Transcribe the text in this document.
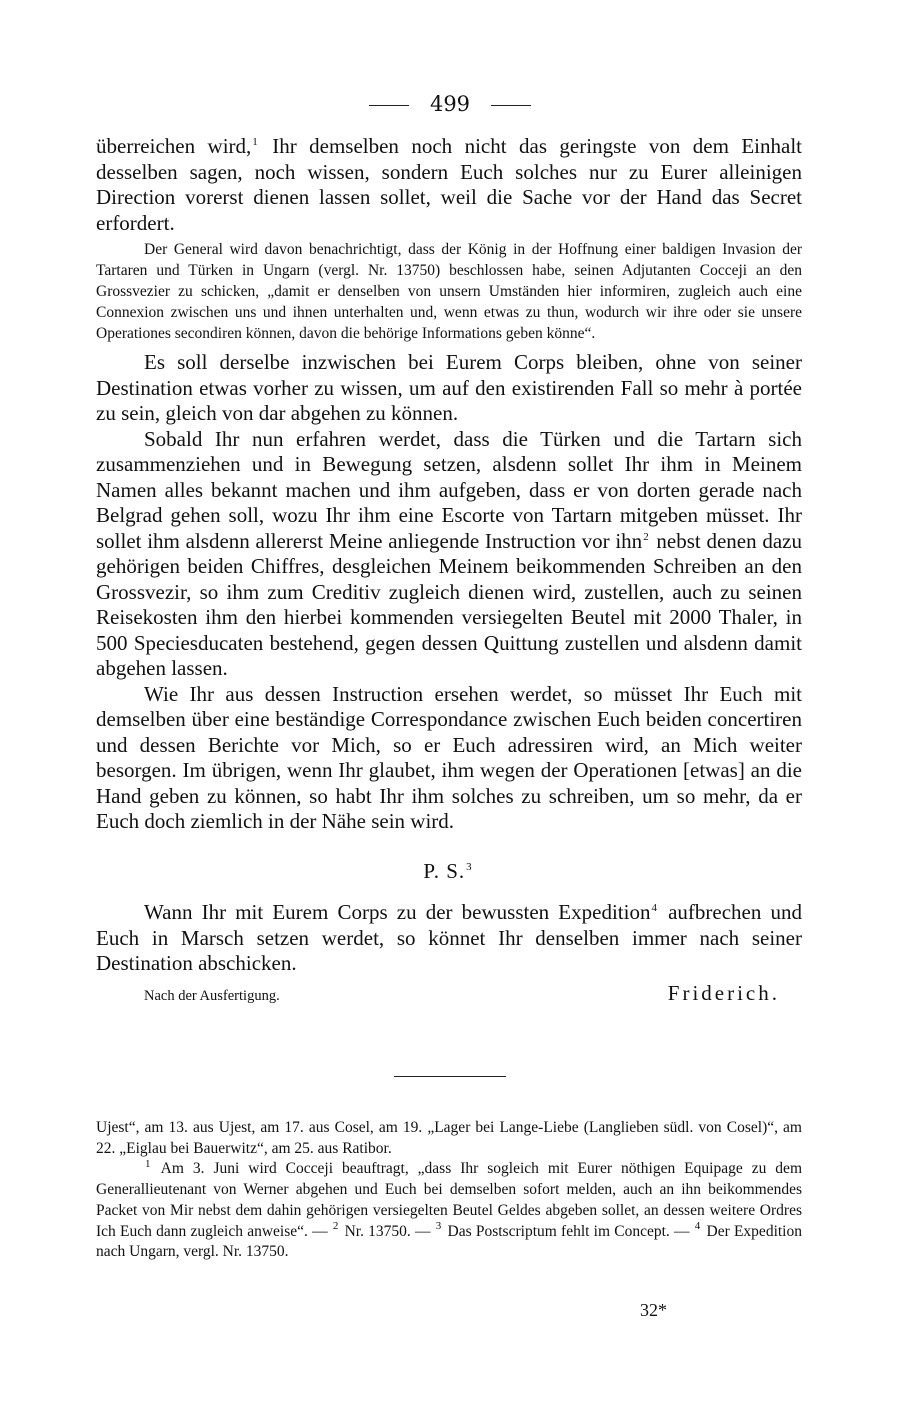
499

überreichen wird,$^1$ Ihr demselben noch nicht das geringste von dem Einhalt desselben sagen, noch wissen, sondern Euch solches nur zu Eurer alleinigen Direction vorerst dienen lassen sollet, weil die Sache vor der Hand das Secret erfordert.

Der General wird davon benachrichtigt, dass der König in der Hoffnung einer baldigen Invasion der Tartaren und Türken in Ungarn (vergl. Nr. 13750) beschlossen habe, seinen Adjutanten Cocceji an den Grossvezier zu schicken, „damit er denselben von unsern Umständen hier informiren, zugleich auch eine Connexion zwischen uns und ihnen unterhalten und, wenn etwas zu thun, wodurch wir ihre oder sie unsere Operationes secondiren können, davon die behörige Informations geben könne“.

Es soll derselbe inzwischen bei Eurem Corps bleiben, ohne von seiner Destination etwas vorher zu wissen, um auf den existirenden Fall so mehr à portée zu sein, gleich von dar abgehen zu können.

Sobald Ihr nun erfahren werdet, dass die Türken und die Tartarn sich zusammenziehen und in Bewegung setzen, alsdenn sollet Ihr ihm in Meinem Namen alles bekannt machen und ihm aufgeben, dass er von dorten gerade nach Belgrad gehen soll, wozu Ihr ihm eine Escorte von Tartarn mitgeben müsset. Ihr sollet ihm alsdenn allererst Meine anliegende Instruction vor ihn$^2$ nebst denen dazu gehörigen beiden Chiffres, desgleichen Meinem beikommenden Schreiben an den Grossvezir, so ihm zum Creditiv zugleich dienen wird, zustellen, auch zu seinen Reisekosten ihm den hierbei kommenden versiegelten Beutel mit 2000 Thaler, in 500 Speciesducaten bestehend, gegen dessen Quittung zustellen und alsdenn damit abgehen lassen.

Wie Ihr aus dessen Instruction ersehen werdet, so müsset Ihr Euch mit demselben über eine beständige Correspondance zwischen Euch beiden concertiren und dessen Berichte vor Mich, so er Euch adressiren wird, an Mich weiter besorgen. Im übrigen, wenn Ihr glaubet, ihm wegen der Operationen [etwas] an die Hand geben zu können, so habt Ihr ihm solches zu schreiben, um so mehr, da er Euch doch ziemlich in der Nähe sein wird.

P. S.$^3$

Wann Ihr mit Eurem Corps zu der bewussten Expedition$^4$ aufbrechen und Euch in Marsch setzen werdet, so könnet Ihr denselben immer nach seiner Destination abschicken.

Nach der Ausfertigung.	Friderich.

Ujest“, am 13. aus Ujest, am 17. aus Cosel, am 19. „Lager bei Lange-Liebe (Langlieben südl. von Cosel)“, am 22. „Eiglau bei Bauerwitz“, am 25. aus Ratibor.

$^1$ Am 3. Juni wird Cocceji beauftragt, „dass Ihr sogleich mit Eurer nöthigen Equipage zu dem Generallieutenant von Werner abgehen und Euch bei demselben sofort melden, auch an ihn beikommendes Packet von Mir nebst dem dahin gehörigen versiegelten Beutel Geldes abgeben sollet, an dessen weitere Ordres Ich Euch dann zugleich anweise“. — $^2$ Nr. 13750. — $^3$ Das Postscriptum fehlt im Concept. — $^4$ Der Expedition nach Ungarn, vergl. Nr. 13750.

32*
